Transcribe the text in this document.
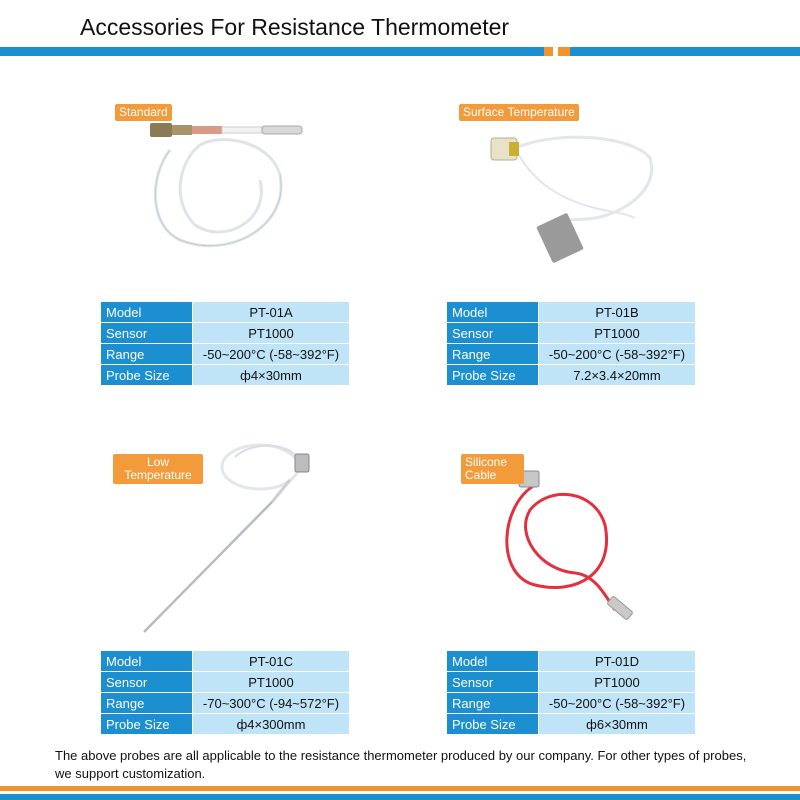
Accessories For Resistance Thermometer
Standard	Surface Temperature
Low
Temperature
Silicone
Cable
Model	PT-01A
Sensor	PT1000
Range	-50~200°C (-58~392°F)
Probe Size	ф4×30mm
Model	PT-01B
Sensor	PT1000
Range	-50~200°C (-58~392°F)
Probe Size	7.2×3.4×20mm
Model	PT-01C
Sensor	PT1000
Range	-70~300°C (-94~572°F)
Probe Size	ф4×300mm
Model	PT-01D
Sensor	PT1000
Range	-50~200°C (-58~392°F)
Probe Size	ф6×30mm
The above probes are all applicable to the resistance thermometer produced by our company. For other types of probes, we support customization.
